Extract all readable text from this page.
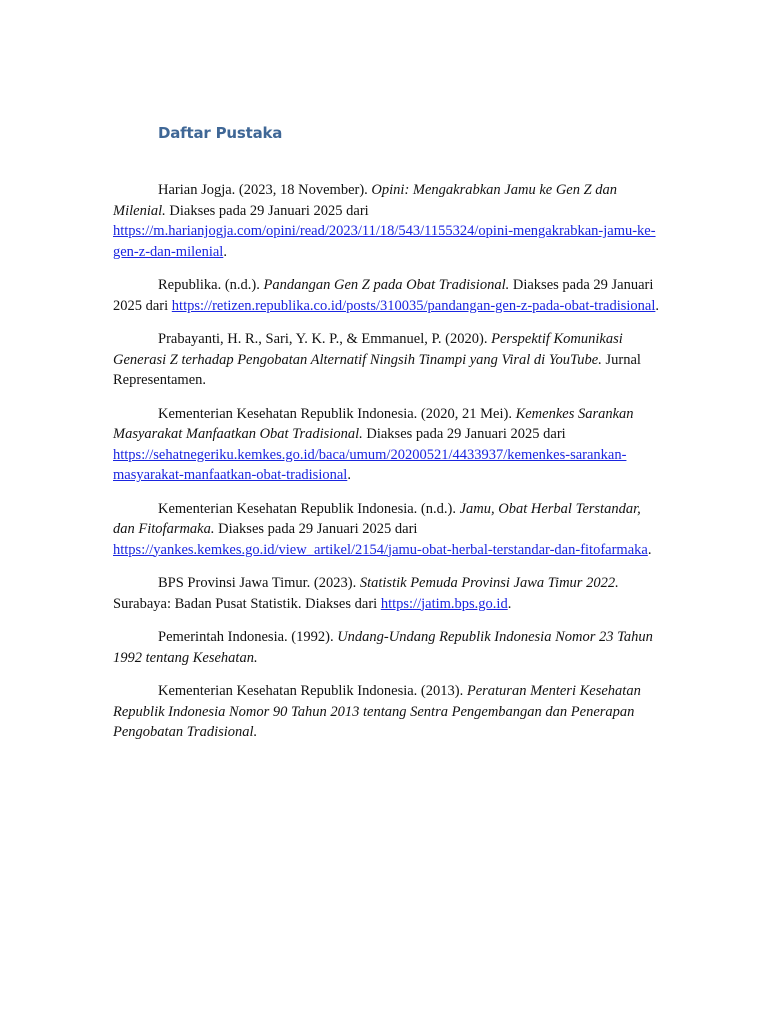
Daftar Pustaka

Harian Jogja. (2023, 18 November). Opini: Mengakrabkan Jamu ke Gen Z dan Milenial. Diakses pada 29 Januari 2025 dari https://m.harianjogja.com/opini/read/2023/11/18/543/1155324/opini-mengakrabkan-jamu-ke-gen-z-dan-milenial.

Republika. (n.d.). Pandangan Gen Z pada Obat Tradisional. Diakses pada 29 Januari 2025 dari https://retizen.republika.co.id/posts/310035/pandangan-gen-z-pada-obat-tradisional.

Prabayanti, H. R., Sari, Y. K. P., & Emmanuel, P. (2020). Perspektif Komunikasi Generasi Z terhadap Pengobatan Alternatif Ningsih Tinampi yang Viral di YouTube. Jurnal Representamen.

Kementerian Kesehatan Republik Indonesia. (2020, 21 Mei). Kemenkes Sarankan Masyarakat Manfaatkan Obat Tradisional. Diakses pada 29 Januari 2025 dari https://sehatnegeriku.kemkes.go.id/baca/umum/20200521/4433937/kemenkes-sarankan-masyarakat-manfaatkan-obat-tradisional.

Kementerian Kesehatan Republik Indonesia. (n.d.). Jamu, Obat Herbal Terstandar, dan Fitofarmaka. Diakses pada 29 Januari 2025 dari https://yankes.kemkes.go.id/view_artikel/2154/jamu-obat-herbal-terstandar-dan-fitofarmaka.

BPS Provinsi Jawa Timur. (2023). Statistik Pemuda Provinsi Jawa Timur 2022. Surabaya: Badan Pusat Statistik. Diakses dari https://jatim.bps.go.id.

Pemerintah Indonesia. (1992). Undang-Undang Republik Indonesia Nomor 23 Tahun 1992 tentang Kesehatan.

Kementerian Kesehatan Republik Indonesia. (2013). Peraturan Menteri Kesehatan Republik Indonesia Nomor 90 Tahun 2013 tentang Sentra Pengembangan dan Penerapan Pengobatan Tradisional.
